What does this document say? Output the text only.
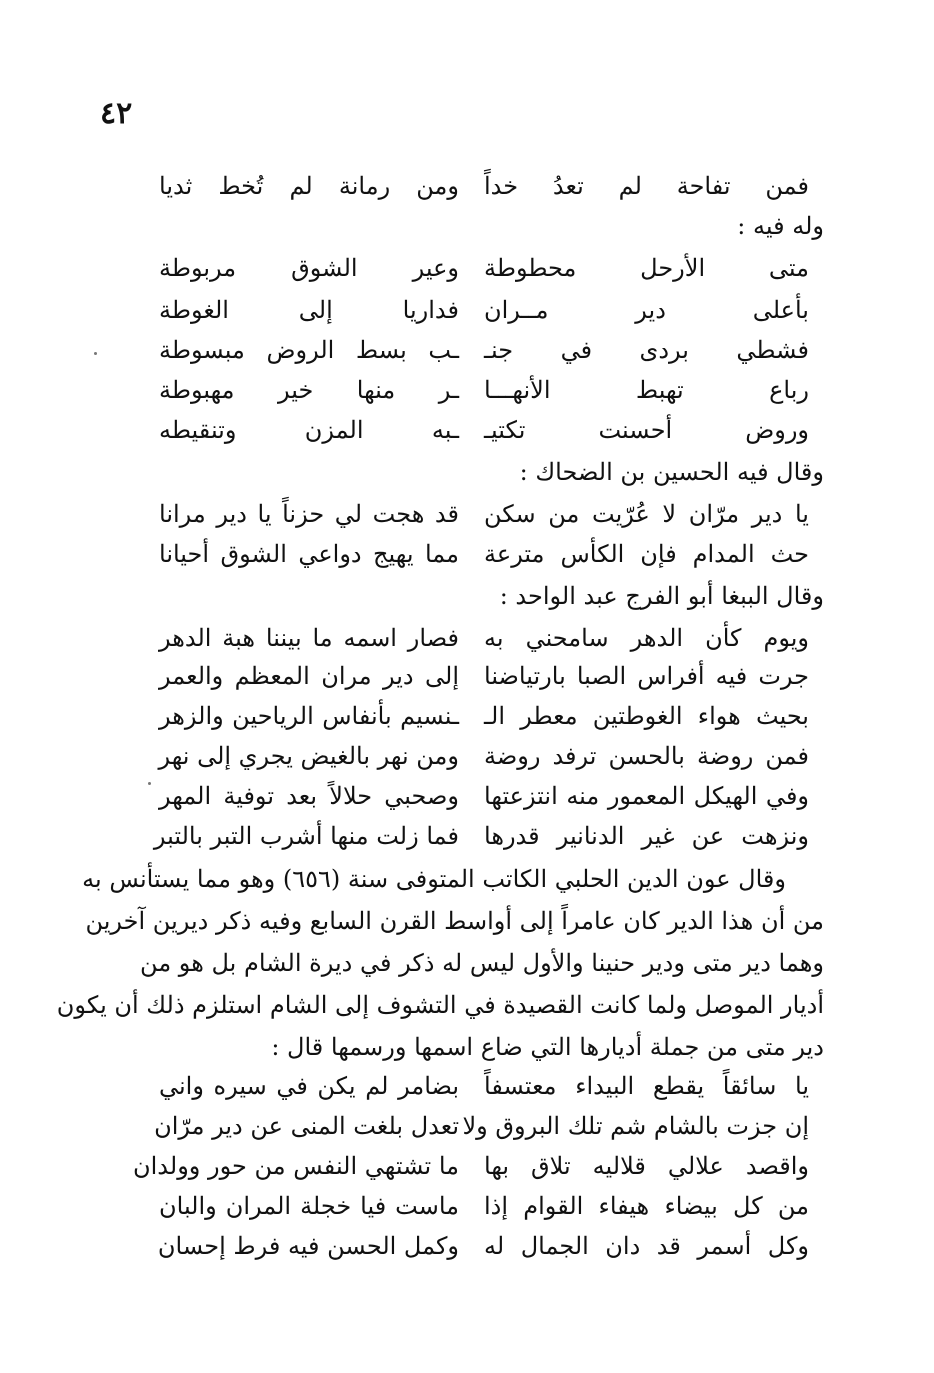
٤٢
فمن تفاحة لم تعدُ خداً
ومن رمانة لم تُخط ثديا
وله فيه :
متى الأرحل محطوطة
وعير الشوق مربوطة
بأعلى دير مــران
فداريا إلى الغوطة
فشطي بردى في جنـ
ـب بسط الروض مبسوطة
رباع تهبط الأنهـــا
ـر منها خير مهبوطة
وروض أحسنت تكتيـ
ـبه المزن وتنقيطه
وقال فيه الحسين بن الضحاك :
يا دير مرّان لا عُرّيت من سكن
قد هجت لي حزناً يا دير مرانا
حث المدام فإن الكأس مترعة
مما يهيج دواعي الشوق أحيانا
وقال الببغا أبو الفرج عبد الواحد :
ويوم كأن الدهر سامحني به
فصار اسمه ما بيننا هبة الدهر
جرت فيه أفراس الصبا بارتياضنا
إلى دير مران المعظم والعمر
بحيث هواء الغوطتين معطر الـ
ـنسيم بأنفاس الرياحين والزهر
فمن روضة بالحسن ترفد روضة
ومن نهر بالغيض يجري إلى نهر
وفي الهيكل المعمور منه انتزعتها
وصحبي حلالاً بعد توفية المهر
ونزهت عن غير الدنانير قدرها
فما زلت منها أشرب التبر بالتبر
وقال عون الدين الحلبي الكاتب المتوفى سنة (٦٥٦) وهو مما يستأنس به
من أن هذا الدير كان عامراً إلى أواسط القرن السابع وفيه ذكر ديرين آخرين
وهما دير متى ودير حنينا والأول ليس له ذكر في ديرة الشام بل هو من
أديار الموصل ولما كانت القصيدة في التشوف إلى الشام استلزم ذلك أن يكون
دير متى من جملة أديارها التي ضاع اسمها ورسمها قال :
يا سائقاً يقطع البيداء معتسفاً
بضامر لم يكن في سيره واني
إن جزت بالشام شم تلك البروق ولا
تعدل بلغت المنى عن دير مرّان
واقصد علالي قلاليه تلاق بها
ما تشتهي النفس من حور وولدان
من كل بيضاء هيفاء القوام إذا
ماست فيا خجلة المران والبان
وكل أسمر قد دان الجمال له
وكمل الحسن فيه فرط إحسان
